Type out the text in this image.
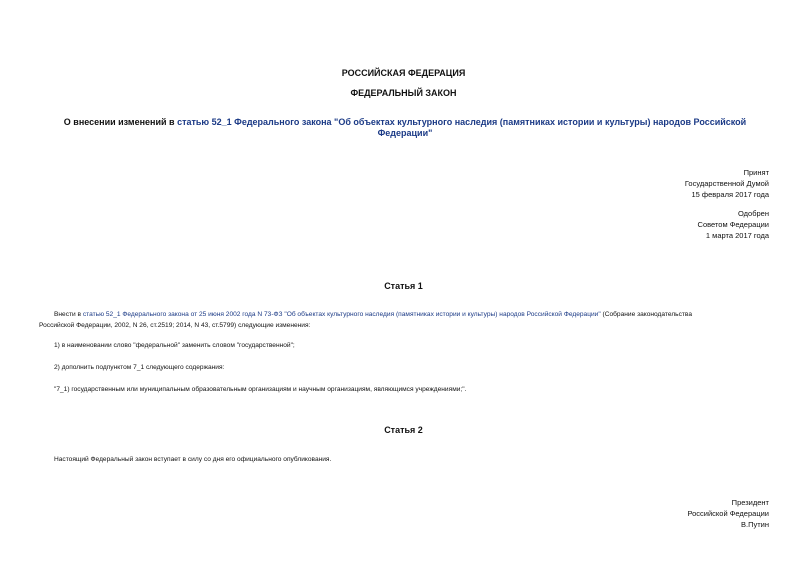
РОССИЙСКАЯ ФЕДЕРАЦИЯ
ФЕДЕРАЛЬНЫЙ ЗАКОН
О внесении изменений в статью 52_1 Федерального закона "Об объектах культурного наследия (памятниках истории и культуры) народов Российской Федерации"
Принят
Государственной Думой
15 февраля 2017 года
Одобрен
Советом Федерации
1 марта 2017 года
Статья 1
Внести в статью 52_1 Федерального закона от 25 июня 2002 года N 73-ФЗ "Об объектах культурного наследия (памятниках истории и культуры) народов Российской Федерации" (Собрание законодательства
Российской Федерации, 2002, N 26, ст.2519; 2014, N 43, ст.5799) следующие изменения:
1) в наименовании слово "федеральной" заменить словом "государственной";
2) дополнить подпунктом 7_1 следующего содержания:
"7_1) государственным или муниципальным образовательным организациям и научным организациям, являющимся учреждениями;".
Статья 2
Настоящий Федеральный закон вступает в силу со дня его официального опубликования.
Президент
Российской Федерации
В.Путин
